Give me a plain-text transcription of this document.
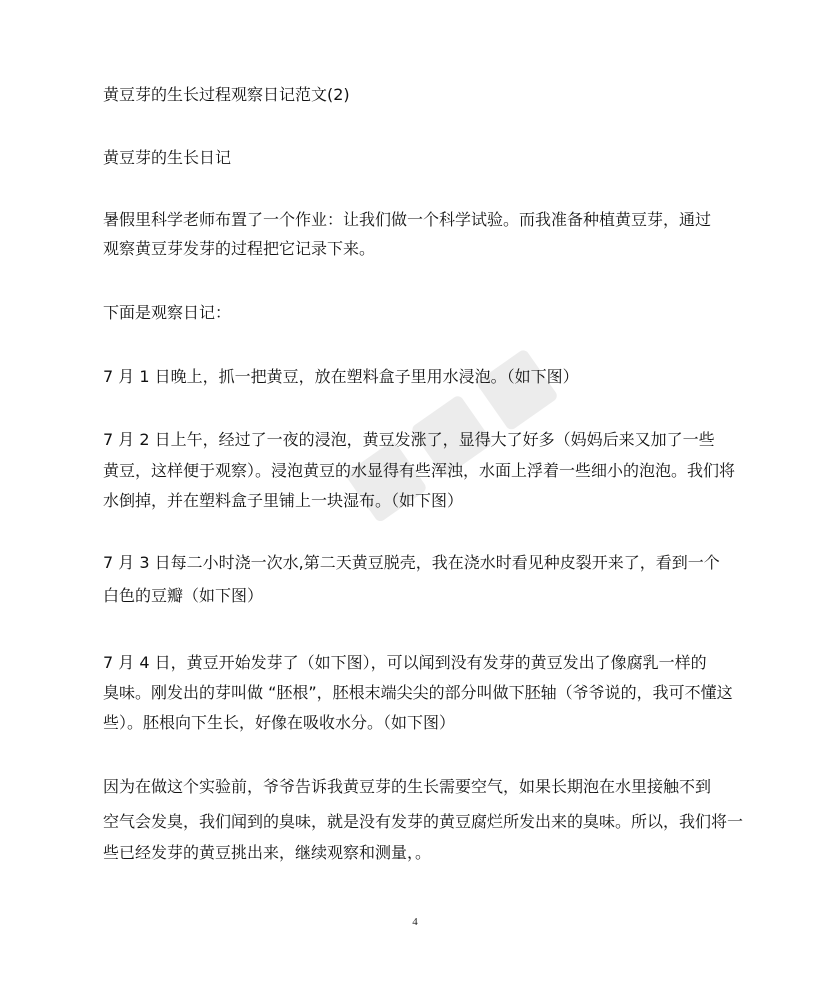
黄豆芽的生长过程观察日记范文(2)
黄豆芽的生长日记
暑假里科学老师布置了一个作业：让我们做一个科学试验。而我准备种植黄豆芽，通过
观察黄豆芽发芽的过程把它记录下来。
下面是观察日记：
7 月 1 日晚上，抓一把黄豆，放在塑料盒子里用水浸泡。（如下图）
7 月 2 日上午，经过了一夜的浸泡，黄豆发涨了，显得大了好多（妈妈后来又加了一些
黄豆，这样便于观察）。浸泡黄豆的水显得有些浑浊，水面上浮着一些细小的泡泡。我们将
水倒掉，并在塑料盒子里铺上一块湿布。（如下图）
7 月 3 日每二小时浇一次水,第二天黄豆脱壳，我在浇水时看见种皮裂开来了，看到一个
白色的豆瓣（如下图）
7 月 4 日，黄豆开始发芽了（如下图），可以闻到没有发芽的黄豆发出了像腐乳一样的
臭味。刚发出的芽叫做 “胚根”，胚根末端尖尖的部分叫做下胚轴（爷爷说的，我可不懂这
些）。胚根向下生长，好像在吸收水分。（如下图）
因为在做这个实验前，爷爷告诉我黄豆芽的生长需要空气，如果长期泡在水里接触不到
空气会发臭，我们闻到的臭味，就是没有发芽的黄豆腐烂所发出来的臭味。所以，我们将一
些已经发芽的黄豆挑出来，继续观察和测量，。
4
